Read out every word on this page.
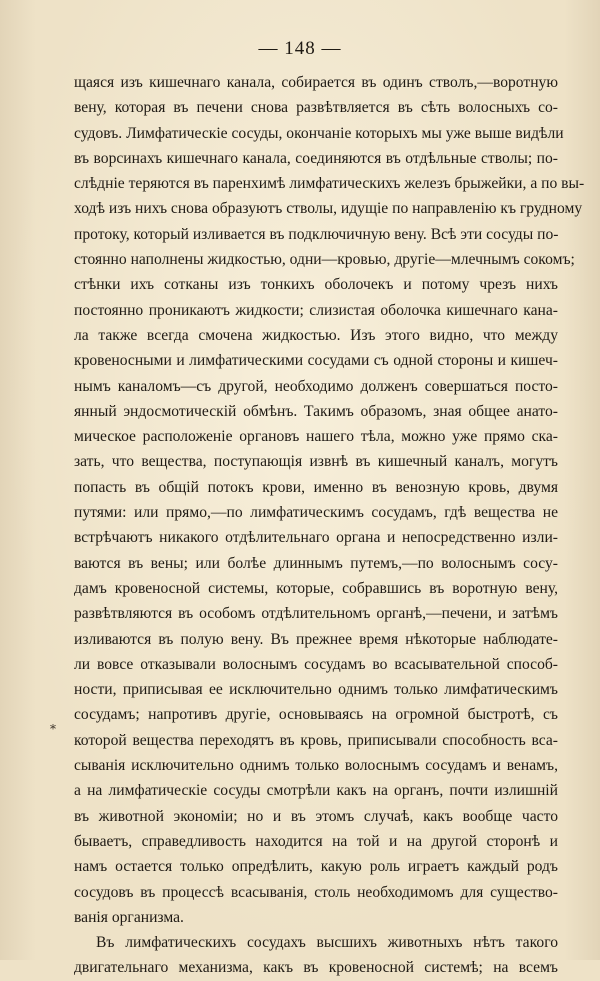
— 148 —
*
щаяся изъ кишечнаго канала, собирается въ одинъ стволъ,—воротную
вену, которая въ печени снова развѣтвляется въ сѣть волосныхъ со-
судовъ. Лимфатическіе сосуды, окончаніе которыхъ мы уже выше видѣли
въ ворсинахъ кишечнаго канала, соединяются въ отдѣльные стволы; по-
слѣдніе теряются въ паренхимѣ лимфатическихъ железъ брыжейки, а по вы-
ходѣ изъ нихъ снова образуютъ стволы, идущіе по направленію къ грудному
протоку, который изливается въ подключичную вену. Всѣ эти сосуды по-
стоянно наполнены жидкостью, одни—кровью, другіе—млечнымъ сокомъ;
стѣнки ихъ сотканы изъ тонкихъ оболочекъ и потому чрезъ нихъ
постоянно проникаютъ жидкости; слизистая оболочка кишечнаго кана-
ла также всегда смочена жидкостью. Изъ этого видно, что между
кровеносными и лимфатическими сосудами съ одной стороны и кишеч-
нымъ каналомъ—съ другой, необходимо долженъ совершаться посто-
янный эндосмотическій обмѣнъ. Такимъ образомъ, зная общее анато-
мическое расположеніе органовъ нашего тѣла, можно уже прямо ска-
зать, что вещества, поступающія извнѣ въ кишечный каналъ, могутъ
попасть въ общій потокъ крови, именно въ венозную кровь, двумя
путями: или прямо,—по лимфатическимъ сосудамъ, гдѣ вещества не
встрѣчаютъ никакого отдѣлительнаго органа и непосредственно изли-
ваются въ вены; или болѣе длиннымъ путемъ,—по волоснымъ сосу-
дамъ кровеносной системы, которые, собравшись въ воротную вену,
развѣтвляются въ особомъ отдѣлительномъ органѣ,—печени, и затѣмъ
изливаются въ полую вену. Въ прежнее время нѣкоторые наблюдате-
ли вовсе отказывали волоснымъ сосудамъ во всасывательной способ-
ности, приписывая ее исключительно однимъ только лимфатическимъ
сосудамъ; напротивъ другіе, основываясь на огромной быстротѣ, съ
которой вещества переходятъ въ кровь, приписывали способность вса-
сыванія исключительно однимъ только волоснымъ сосудамъ и венамъ,
а на лимфатическіе сосуды смотрѣли какъ на органъ, почти излишній
въ животной экономіи; но и въ этомъ случаѣ, какъ вообще часто
бываетъ, справедливость находится на той и на другой сторонѣ и
намъ остается только опредѣлить, какую роль играетъ каждый родъ
сосудовъ въ процессѣ всасыванія, столь необходимомъ для существо-
ванія организма.
Въ лимфатическихъ сосудахъ высшихъ животныхъ нѣтъ такого
двигательнаго механизма, какъ въ кровеносной системѣ; на всемъ
